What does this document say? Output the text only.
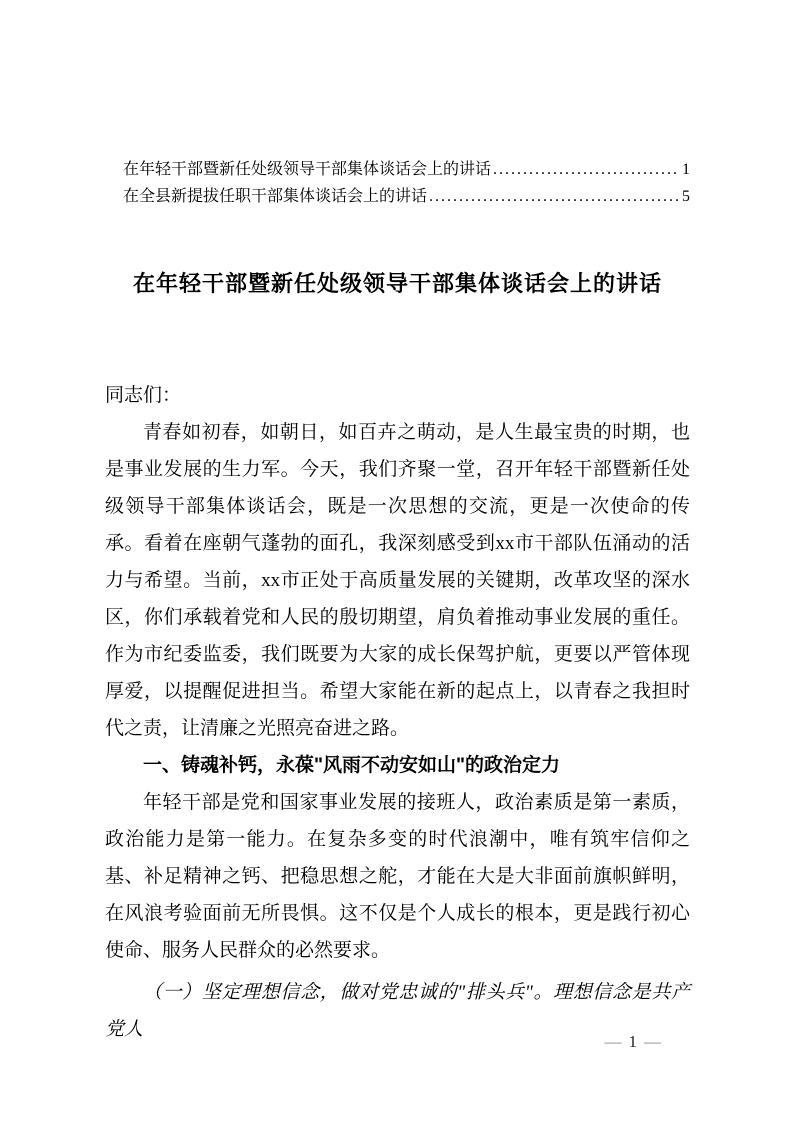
在年轻干部暨新任处级领导干部集体谈话会上的讲话 .....	1
在全县新提拔任职干部集体谈话会上的讲话 .....	5
在年轻干部暨新任处级领导干部集体谈话会上的讲话
同志们：

青春如初春，如朝日，如百卉之萌动，是人生最宝贵的时期，也是事业发展的生力军。今天，我们齐聚一堂，召开年轻干部暨新任处级领导干部集体谈话会，既是一次思想的交流，更是一次使命的传承。看着在座朝气蓬勃的面孔，我深刻感受到xx市干部队伍涌动的活力与希望。当前，xx市正处于高质量发展的关键期，改革攻坚的深水区，你们承载着党和人民的殷切期望，肩负着推动事业发展的重任。作为市纪委监委，我们既要为大家的成长保驾护航，更要以严管体现厚爱，以提醒促进担当。希望大家能在新的起点上，以青春之我担时代之责，让清廉之光照亮奋进之路。

一、铸魂补钙，永葆"风雨不动安如山"的政治定力

年轻干部是党和国家事业发展的接班人，政治素质是第一素质，政治能力是第一能力。在复杂多变的时代浪潮中，唯有筑牢信仰之基、补足精神之钙、把稳思想之舵，才能在大是大非面前旗帜鲜明，在风浪考验面前无所畏惧。这不仅是个人成长的根本，更是践行初心使命、服务人民群众的必然要求。

（一）坚定理想信念，做对党忠诚的"排头兵"。理想信念是共产党人

— 1 —
